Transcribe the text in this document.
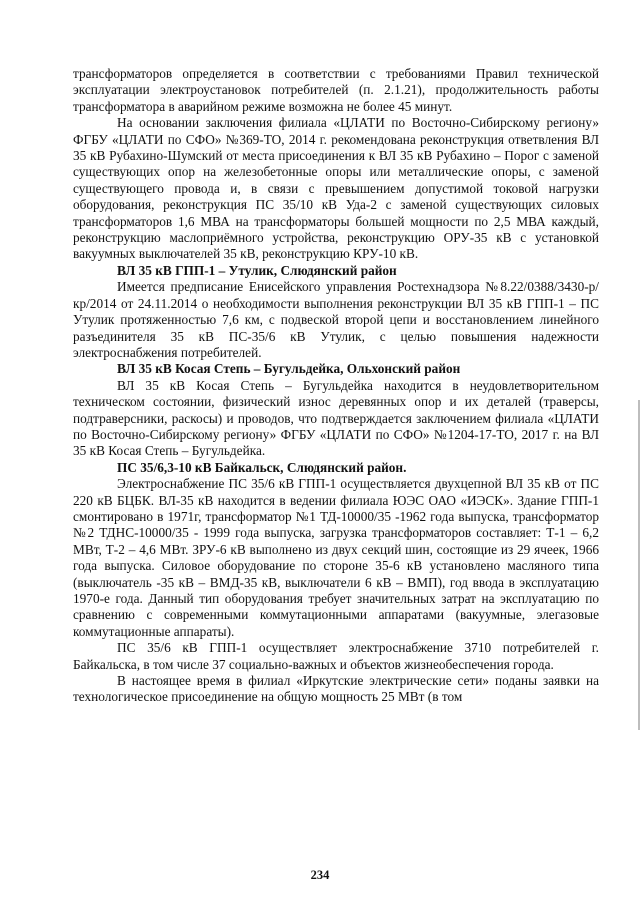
трансформаторов определяется в соответствии с требованиями Правил технической эксплуатации электроустановок потребителей (п. 2.1.21), продолжительность работы трансформатора в аварийном режиме возможна не более 45 минут.

На основании заключения филиала «ЦЛАТИ по Восточно-Сибирскому региону» ФГБУ «ЦЛАТИ по СФО» №369-ТО, 2014 г. рекомендована реконструкция ответвления ВЛ 35 кВ Рубахино-Шумский от места присоединения к ВЛ 35 кВ Рубахино – Порог с заменой существующих опор на железобетонные опоры или металлические опоры, с заменой существующего провода и, в связи с превышением допустимой токовой нагрузки оборудования, реконструкция ПС 35/10 кВ Уда-2 с заменой существующих силовых трансформаторов 1,6 МВА на трансформаторы большей мощности по 2,5 МВА каждый, реконструкцию маслоприёмного устройства, реконструкцию ОРУ-35 кВ с установкой вакуумных выключателей 35 кВ, реконструкцию КРУ-10 кВ.

ВЛ 35 кВ ГПП-1 – Утулик, Слюдянский район

Имеется предписание Енисейского управления Ростехнадзора №8.22/0388/3430-р/кр/2014 от 24.11.2014 о необходимости выполнения реконструкции ВЛ 35 кВ ГПП-1 – ПС Утулик протяженностью 7,6 км, с подвеской второй цепи и восстановлением линейного разъединителя 35 кВ ПС-35/6 кВ Утулик, с целью повышения надежности электроснабжения потребителей.

ВЛ 35 кВ Косая Степь – Бугульдейка, Ольхонский район

ВЛ 35 кВ Косая Степь – Бугульдейка находится в неудовлетворительном техническом состоянии, физический износ деревянных опор и их деталей (траверсы, подтраверсники, раскосы) и проводов, что подтверждается заключением филиала «ЦЛАТИ по Восточно-Сибирскому региону» ФГБУ «ЦЛАТИ по СФО» №1204-17-ТО, 2017 г. на ВЛ 35 кВ Косая Степь – Бугульдейка.

ПС 35/6,3-10 кВ Байкальск, Слюдянский район.

Электроснабжение ПС 35/6 кВ ГПП-1 осуществляется двухцепной ВЛ 35 кВ от ПС 220 кВ БЦБК. ВЛ-35 кВ находится в ведении филиала ЮЭС ОАО «ИЭСК». Здание ГПП-1 смонтировано в 1971г, трансформатор №1 ТД-10000/35 -1962 года выпуска, трансформатор №2 ТДНС-10000/35 - 1999 года выпуска, загрузка трансформаторов составляет: Т-1 – 6,2 МВт, Т-2 – 4,6 МВт. ЗРУ-6 кВ выполнено из двух секций шин, состоящие из 29 ячеек, 1966 года выпуска. Силовое оборудование по стороне 35-6 кВ установлено масляного типа (выключатель -35 кВ – ВМД-35 кВ, выключатели 6 кВ – ВМП), год ввода в эксплуатацию 1970-е года. Данный тип оборудования требует значительных затрат на эксплуатацию по сравнению с современными коммутационными аппаратами (вакуумные, элегазовые коммутационные аппараты).

ПС 35/6 кВ ГПП-1 осуществляет электроснабжение 3710 потребителей г. Байкальска, в том числе 37 социально-важных и объектов жизнеобеспечения города.

В настоящее время в филиал «Иркутские электрические сети» поданы заявки на технологическое присоединение на общую мощность 25 МВт (в том

234
